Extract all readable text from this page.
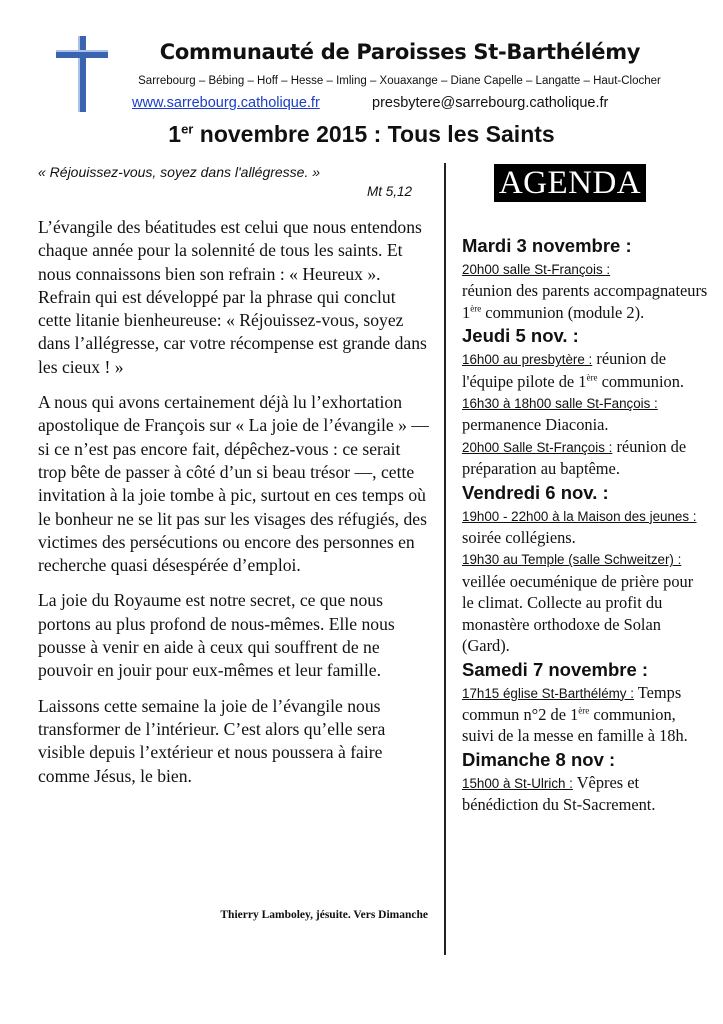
Communauté de Paroisses St-Barthélémy
Sarrebourg – Bébing – Hoff – Hesse – Imling – Xouaxange – Diane Capelle – Langatte – Haut-Clocher
www.sarrebourg.catholique.fr	presbytere@sarrebourg.catholique.fr
1er novembre 2015 : Tous les Saints
« Réjouissez-vous, soyez dans l'allégresse. »
Mt 5,12

L’évangile des béatitudes est celui que nous entendons chaque année pour la solennité de tous les saints. Et nous connaissons bien son refrain : « Heureux ». Refrain qui est développé par la phrase qui conclut cette litanie bienheureuse: « Réjouissez-vous, soyez dans l’allégresse, car votre récompense est grande dans les cieux ! »

A nous qui avons certainement déjà lu l’exhortation apostolique de François sur « La joie de l’évangile » — si ce n’est pas encore fait, dépêchez-vous : ce serait trop bête de passer à côté d’un si beau trésor —, cette invitation à la joie tombe à pic, surtout en ces temps où le bonheur ne se lit pas sur les visages des réfugiés, des victimes des persécutions ou encore des personnes en recherche quasi désespérée d’emploi.

La joie du Royaume est notre secret, ce que nous portons au plus profond de nous-mêmes. Elle nous pousse à venir en aide à ceux qui souffrent de ne pouvoir en jouir pour eux-mêmes et leur famille.

Laissons cette semaine la joie de l’évangile nous transformer de l’intérieur. C’est alors qu’elle sera visible depuis l’extérieur et nous poussera à faire comme Jésus, le bien.

Thierry Lamboley, jésuite. Vers Dimanche
AGENDA
Mardi 3 novembre :

20h00 salle St-François :
réunion des parents accompagnateurs 1ère communion (module 2).

Jeudi 5 nov. :

16h00 au presbytère : réunion de l'équipe pilote de 1ère communion.

16h30 à 18h00 salle St-Fançois : permanence Diaconia.

20h00 Salle St-François : réunion de préparation au baptême.

Vendredi 6 nov. :

19h00 - 22h00 à la Maison des jeunes : soirée collégiens.

19h30 au Temple (salle Schweitzer) : veillée oecuménique de prière pour le climat. Collecte au profit du monastère orthodoxe de Solan (Gard).

Samedi 7 novembre :

17h15 église St-Barthélémy : Temps commun n°2 de 1ère communion, suivi de la messe en famille à 18h.

Dimanche 8 nov :

15h00 à St-Ulrich : Vêpres et bénédiction du St-Sacrement.
